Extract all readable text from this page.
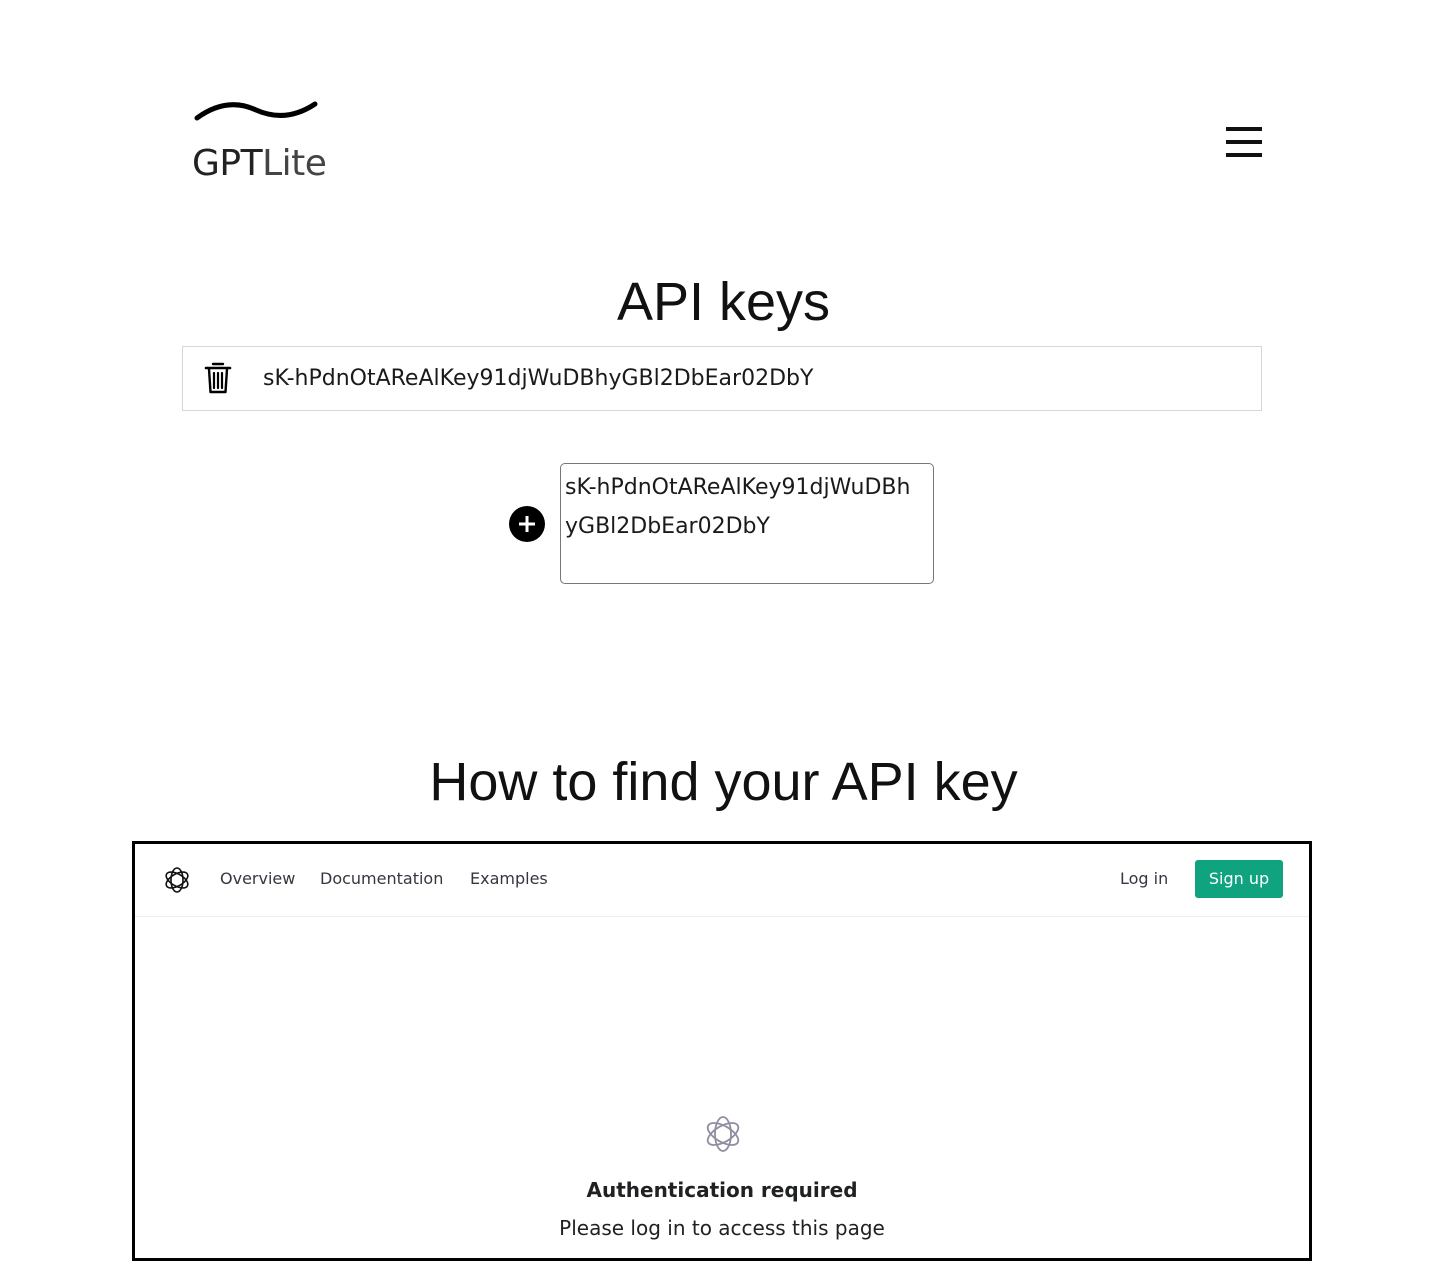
GPTLite
API keys
sK-hPdnOtAReAlKey91djWuDBhyGBl2DbEar02DbY
sK-hPdnOtAReAlKey91djWuDBhyGBl2DbEar02DbY
How to find your API key
Overview Documentation Examples	Log in	Sign up
Authentication required
Please log in to access this page
